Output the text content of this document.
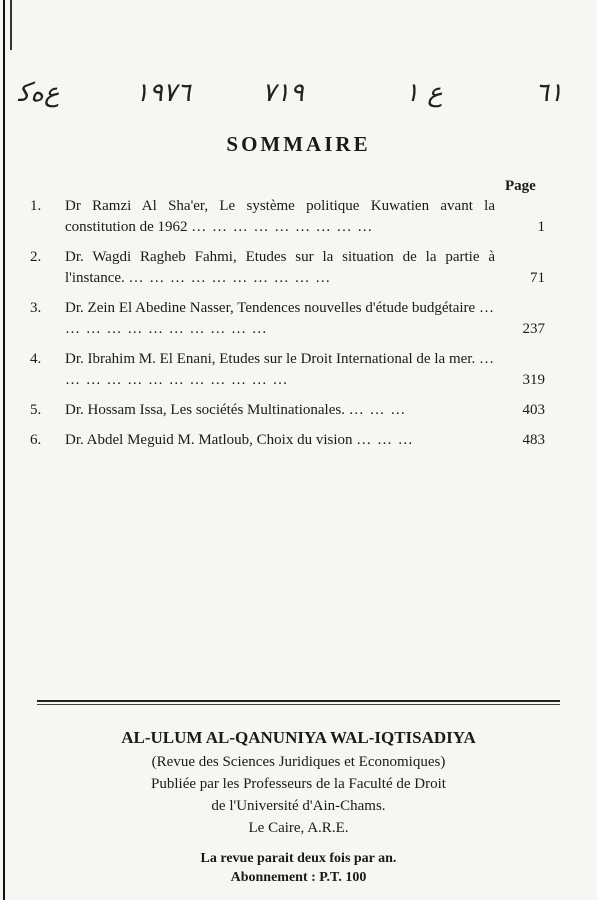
ﻉﻩﻛ	١٩٧٦	٧١٩	ﻉ ١	٦١
SOMMAIRE
Page
1. Dr Ramzi Al Sha'er, Le système politique Kuwatien avant la constitution de 1962 … … … … … … … … …	1
2. Dr. Wagdi Ragheb Fahmi, Etudes sur la situation de la partie à l'instance. … … … … … … … … … …	71
3. Dr. Zein El Abedine Nasser, Tendences nouvelles d'étude budgétaire … … … … … … … … … … …	237
4. Dr. Ibrahim M. El Enani, Etudes sur le Droit International de la mer. … … … … … … … … … … … …	319
5. Dr. Hossam Issa, Les sociétés Multinationales. … … …	403
6. Dr. Abdel Meguid M. Matloub, Choix du vision … … …	483
AL-ULUM AL-QANUNIYA WAL-IQTISADIYA
(Revue des Sciences Juridiques et Economiques)
Publiée par les Professeurs de la Faculté de Droit
de l'Université d'Ain-Chams.
Le Caire, A.R.E.
La revue parait deux fois par an.
Abonnement : P.T. 100
